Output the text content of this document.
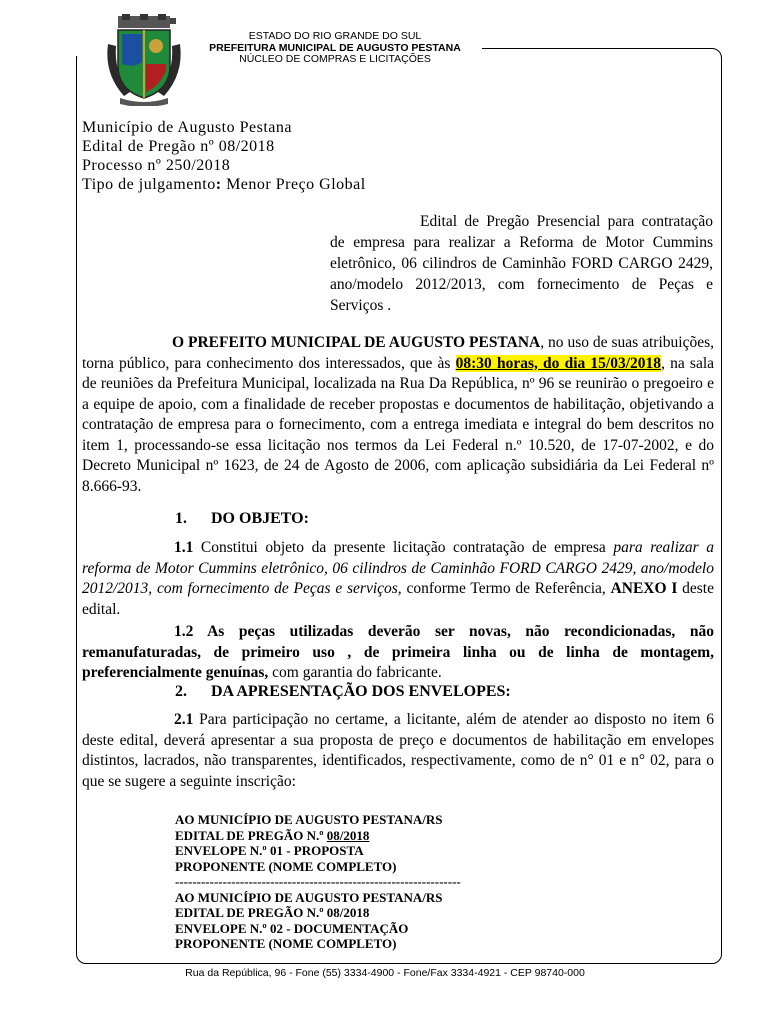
ESTADO DO RIO GRANDE DO SUL
PREFEITURA MUNICIPAL DE AUGUSTO PESTANA
NÚCLEO DE COMPRAS E LICITAÇÕES
Município de Augusto Pestana
Edital de Pregão nº 08/2018
Processo nº 250/2018
Tipo de julgamento: Menor Preço Global
Edital de Pregão Presencial para contratação de empresa para realizar a Reforma de Motor Cummins eletrônico, 06 cilindros de Caminhão FORD CARGO 2429, ano/modelo 2012/2013, com fornecimento de Peças e Serviços .
O PREFEITO MUNICIPAL DE AUGUSTO PESTANA, no uso de suas atribuições, torna público, para conhecimento dos interessados, que às 08:30 horas, do dia 15/03/2018, na sala de reuniões da Prefeitura Municipal, localizada na Rua Da República, nº 96 se reunirão o pregoeiro e a equipe de apoio, com a finalidade de receber propostas e documentos de habilitação, objetivando a contratação de empresa para o fornecimento, com a entrega imediata e integral do bem descritos no item 1, processando-se essa licitação nos termos da Lei Federal n.º 10.520, de 17-07-2002, e do Decreto Municipal nº 1623, de 24 de Agosto de 2006, com aplicação subsidiária da Lei Federal nº 8.666-93.
1. DO OBJETO:
1.1 Constitui objeto da presente licitação contratação de empresa para realizar a reforma de Motor Cummins eletrônico, 06 cilindros de Caminhão FORD CARGO 2429, ano/modelo 2012/2013, com fornecimento de Peças e serviços, conforme Termo de Referência, ANEXO I deste edital.
1.2 As peças utilizadas deverão ser novas, não recondicionadas, não remanufaturadas, de primeiro uso , de primeira linha ou de linha de montagem, preferencialmente genuínas, com garantia do fabricante.
2. DA APRESENTAÇÃO DOS ENVELOPES:
2.1 Para participação no certame, a licitante, além de atender ao disposto no item 6 deste edital, deverá apresentar a sua proposta de preço e documentos de habilitação em envelopes distintos, lacrados, não transparentes, identificados, respectivamente, como de n° 01 e n° 02, para o que se sugere a seguinte inscrição:
AO MUNICÍPIO DE AUGUSTO PESTANA/RS
EDITAL DE PREGÃO N.º 08/2018
ENVELOPE N.º 01 - PROPOSTA
PROPONENTE (NOME COMPLETO)
------------------------------------------------------------------
AO MUNICÍPIO DE AUGUSTO PESTANA/RS
EDITAL DE PREGÃO N.º 08/2018
ENVELOPE N.º 02 - DOCUMENTAÇÃO
PROPONENTE (NOME COMPLETO)
Rua da República, 96 - Fone (55) 3334-4900 - Fone/Fax 3334-4921 - CEP 98740-000
